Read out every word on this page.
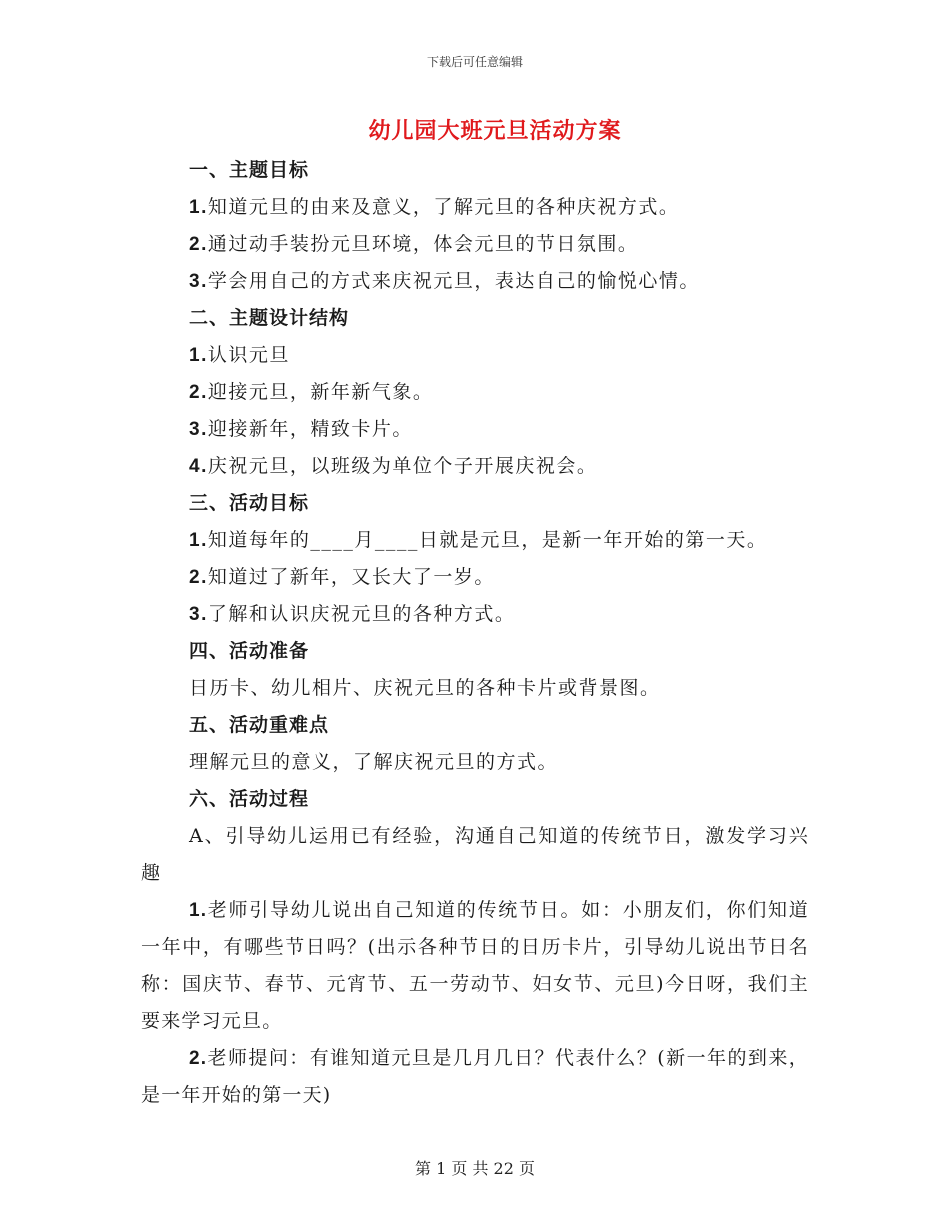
下载后可任意编辑
幼儿园大班元旦活动方案
一、主题目标
1.知道元旦的由来及意义，了解元旦的各种庆祝方式。
2.通过动手装扮元旦环境，体会元旦的节日氛围。
3.学会用自己的方式来庆祝元旦，表达自己的愉悦心情。
二、主题设计结构
1.认识元旦
2.迎接元旦，新年新气象。
3.迎接新年，精致卡片。
4.庆祝元旦，以班级为单位个子开展庆祝会。
三、活动目标
1.知道每年的____月____日就是元旦，是新一年开始的第一天。
2.知道过了新年，又长大了一岁。
3.了解和认识庆祝元旦的各种方式。
四、活动准备
日历卡、幼儿相片、庆祝元旦的各种卡片或背景图。
五、活动重难点
理解元旦的意义，了解庆祝元旦的方式。
六、活动过程
A、引导幼儿运用已有经验，沟通自己知道的传统节日，激发学习兴趣
1.老师引导幼儿说出自己知道的传统节日。如：小朋友们，你们知道一年中，有哪些节日吗？(出示各种节日的日历卡片，引导幼儿说出节日名称：国庆节、春节、元宵节、五一劳动节、妇女节、元旦)今日呀，我们主要来学习元旦。
2.老师提问：有谁知道元旦是几月几日？代表什么？(新一年的到来，是一年开始的第一天)
第 1 页 共 22 页
